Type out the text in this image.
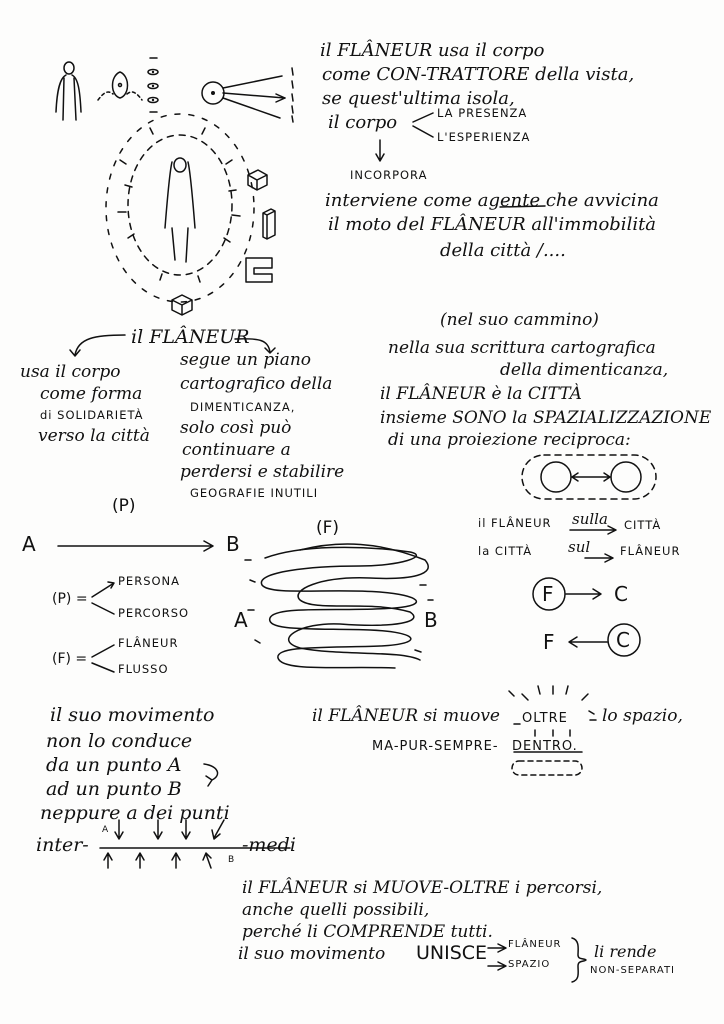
il FLÂNEUR usa il corpo
come CON-TRATTORE della vista,
se quest'ultima isola,
il corpo	LA PRESENZA
L'ESPERIENZA
INCORPORA
interviene come agente che avvicina
il moto del FLÂNEUR all'immobilità
della città /....
il FLÂNEUR
usa il corpo
come forma
di SOLIDARIETÀ
verso la città
segue un piano
cartografico della
DIMENTICANZA,
solo così può
continuare a
perdersi e stabilire
GEOGRAFIE INUTILI
(nel suo cammino)
nella sua scrittura cartografica
della dimenticanza,
il FLÂNEUR è la CITTÀ
insieme SONO la SPAZIALIZZAZIONE
di una proiezione reciproca:
(P)
A	B
(F)
A	B
(P) =
PERSONA
PERCORSO
(F) =
FLÂNEUR
FLUSSO
il FLÂNEUR sulla CITTÀ
la CITTÀ sul	FLÂNEUR
F	C
F	C
il suo movimento
non lo conduce
da un punto A
ad un punto B
neppure a dei punti
inter-	-medi
A
B
il FLÂNEUR si muove OLTRE lo spazio,
MA-PUR-SEMPRE- DENTRO.
il FLÂNEUR si MUOVE-OLTRE i percorsi,
anche quelli possibili,
perché li COMPRENDE tutti.
il suo movimento UNISCE FLÂNEUR
SPAZIO
li rende
NON-SEPARATI
